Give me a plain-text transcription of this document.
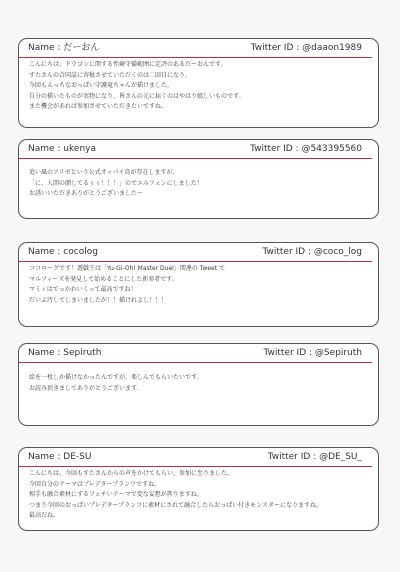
Name : だーおん	Twitter ID : @daaon1989

こんにちは、ドラゴンに関する性癖守備範囲に定評のあるだーおんです。

すたさんの合同誌に寄稿させていただくのは二回目になり、

今回もえっちなおっぱい守護竜ちゃんが描けました。

自分の描いたものが実物になり、皆さんの元に届くのはやはり嬉しいものです。

また機会があれば参加させていただきたいですね。

Name : ukenya	Twitter ID : @543395560

追い風のアリゼという公式オッパイ鳥が存在しますが、

「に、人間の顔してるぅぅ！！！」のでエルフェンにしました！

お誘いいただきありがとうございました〜

Name : cocolog	Twitter ID : @coco_log

ココローグです！遊戯王は「Yu-Gi-Oh! Master Duel」関連の Tweet で

マルフィーズを発見して始めることにした新参者です。

マミィはでっかわいくって最高ですね！

だいぶ汚してしまいましたが！！描けれよし！！！

Name : Sepiruth	Twitter ID : @Sepiruth

絵を一枚しか描けなかったんですが、楽しんでもらいたいです。

お読み頂きましてありがとうございます.

Name : DE-SU	Twitter ID : @DE_SU_

こんにちは。今回もすたさんからの声をかけてもらい、参加に至りました。

今回自分のテーマはプレデタープランツですね。

相手も融合素材にするフェチいテーマで変な妄想が捗りますね。

つまり今回のおっぱいプレデタープランツに素材にされて融合したらおっぱい付きモンスターになりますね。

最高だね。
